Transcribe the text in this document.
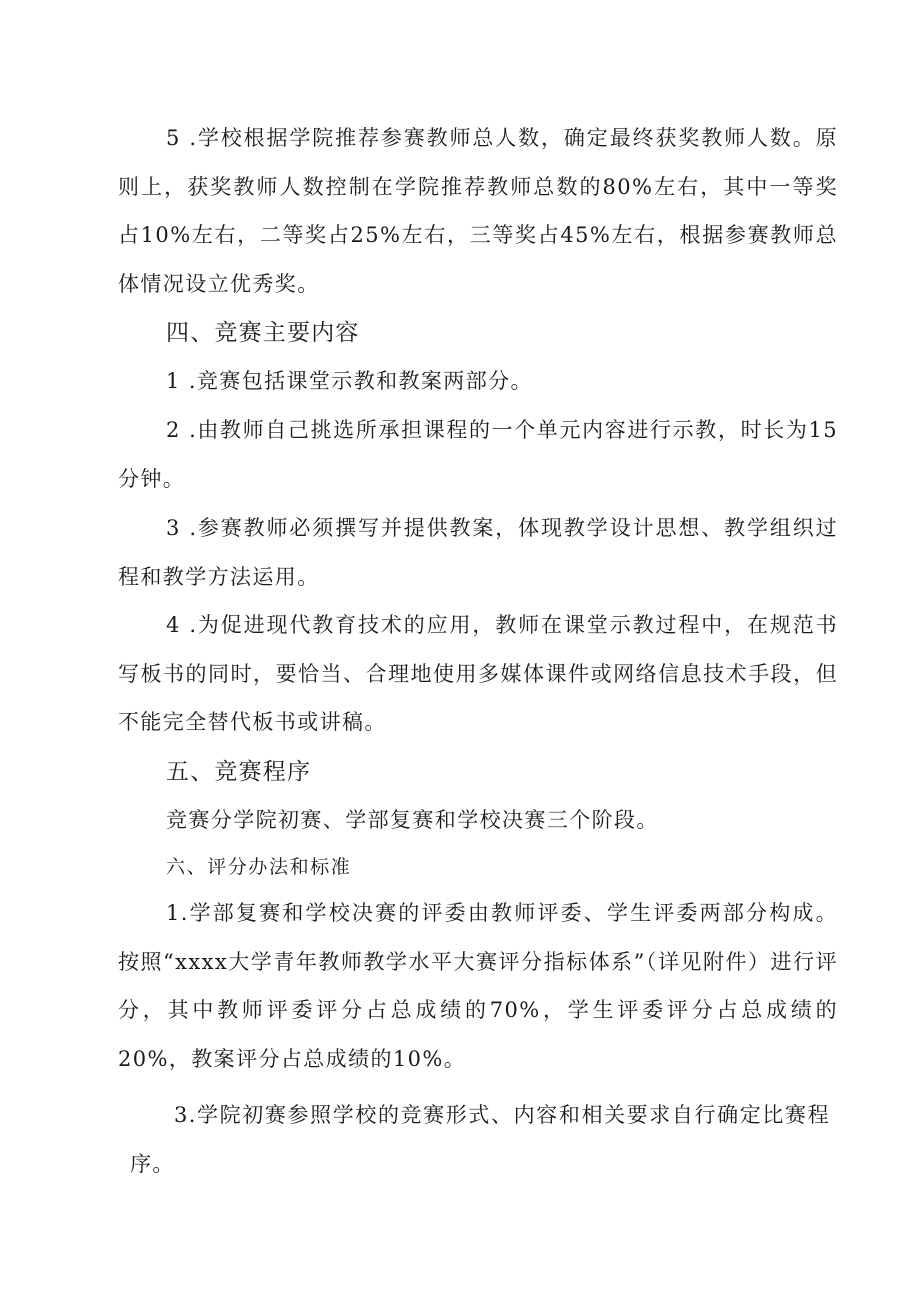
5 .学校根据学院推荐参赛教师总人数，确定最终获奖教师人数。原则上，获奖教师人数控制在学院推荐教师总数的80%左右，其中一等奖占10%左右，二等奖占25%左右，三等奖占45%左右，根据参赛教师总体情况设立优秀奖。

四、竞赛主要内容

1 .竞赛包括课堂示教和教案两部分。

2 .由教师自己挑选所承担课程的一个单元内容进行示教，时长为15分钟。

3 .参赛教师必须撰写并提供教案，体现教学设计思想、教学组织过程和教学方法运用。

4 .为促进现代教育技术的应用，教师在课堂示教过程中，在规范书写板书的同时，要恰当、合理地使用多媒体课件或网络信息技术手段，但不能完全替代板书或讲稿。

五、竞赛程序

竞赛分学院初赛、学部复赛和学校决赛三个阶段。

六、评分办法和标准

1.学部复赛和学校决赛的评委由教师评委、学生评委两部分构成。按照“xxxx大学青年教师教学水平大赛评分指标体系”（详见附件）进行评分，其中教师评委评分占总成绩的70%，学生评委评分占总成绩的20%，教案评分占总成绩的10%。

3.学院初赛参照学校的竞赛形式、内容和相关要求自行确定比赛程序。
